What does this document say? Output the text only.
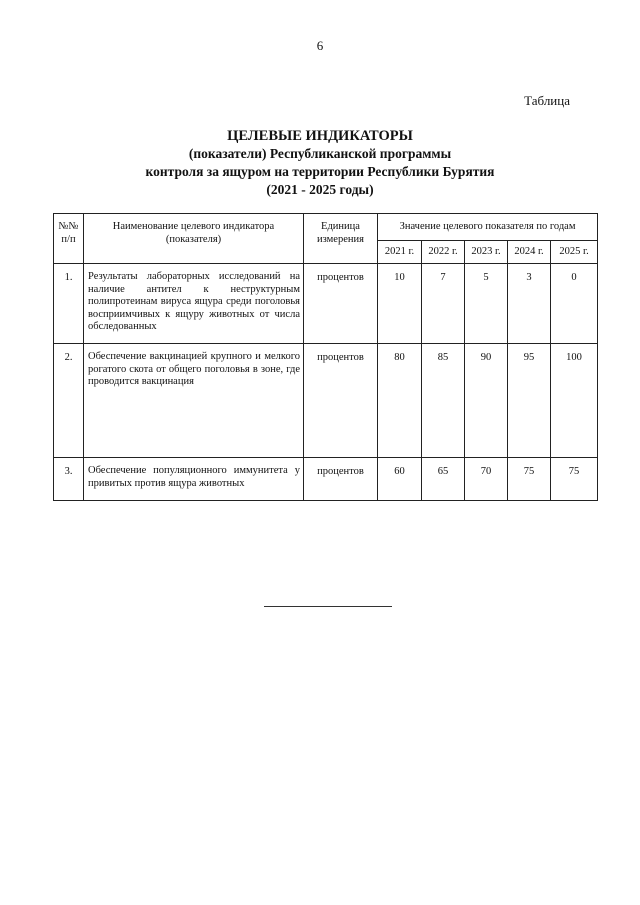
6
Таблица
ЦЕЛЕВЫЕ ИНДИКАТОРЫ
(показатели) Республиканской программы
контроля за ящуром на территории Республики Бурятия
(2021 - 2025 годы)
№№ п/п	Наименование целевого индикатора (показателя)	Единица измерения	Значение целевого показателя по годам				
			2021 г.	2022 г.	2023 г.	2024 г.	2025 г.
1.	Результаты лабораторных исследований на наличие антител к неструктурным полипротеинам вируса ящура среди поголовья восприимчивых к ящуру животных от числа обследованных	процентов	10	7	5	3	0
2.	Обеспечение вакцинацией крупного и мелкого рогатого скота от общего поголовья в зоне, где проводится вакцинация	процентов	80	85	90	95	100
3.	Обеспечение популяционного иммунитета у привитых против ящура животных	процентов	60	65	70	75	75
